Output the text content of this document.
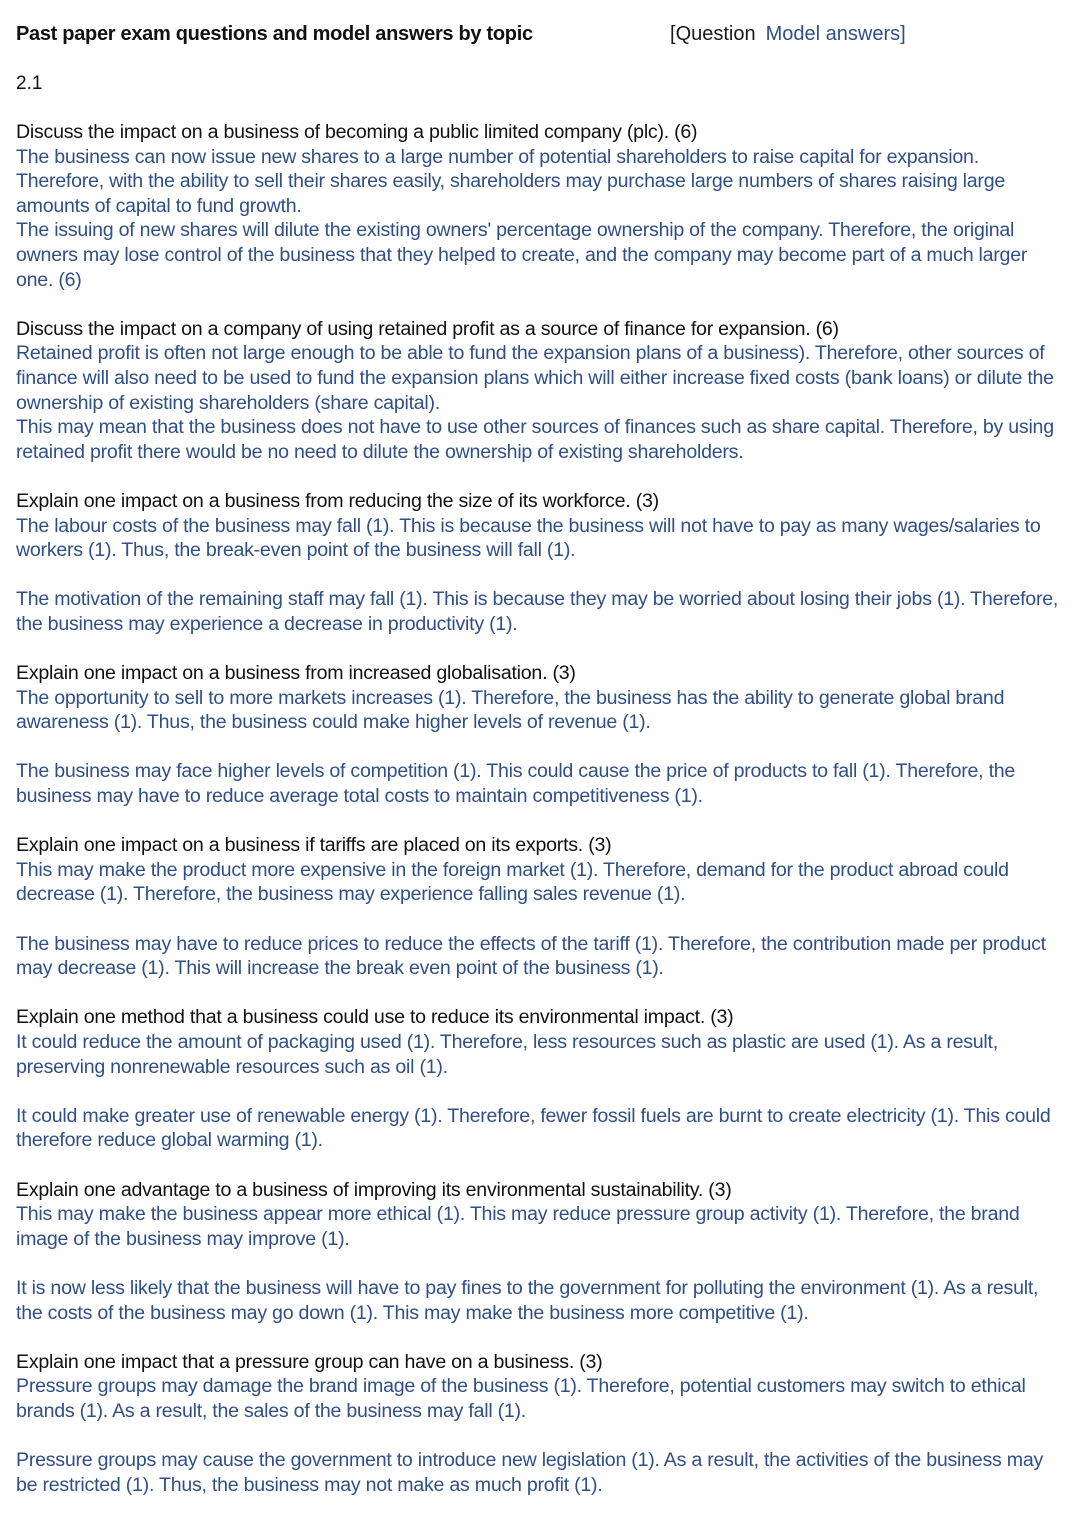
Past paper exam questions and model answers by topic	[Question Model answers]
2.1

Discuss the impact on a business of becoming a public limited company (plc). (6)

The business can now issue new shares to a large number of potential shareholders to raise capital for expansion. Therefore, with the ability to sell their shares easily, shareholders may purchase large numbers of shares raising large amounts of capital to fund growth.

The issuing of new shares will dilute the existing owners' percentage ownership of the company. Therefore, the original owners may lose control of the business that they helped to create, and the company may become part of a much larger one. (6)

Discuss the impact on a company of using retained profit as a source of finance for expansion. (6)

Retained profit is often not large enough to be able to fund the expansion plans of a business). Therefore, other sources of finance will also need to be used to fund the expansion plans which will either increase fixed costs (bank loans) or dilute the ownership of existing shareholders (share capital).

This may mean that the business does not have to use other sources of finances such as share capital. Therefore, by using retained profit there would be no need to dilute the ownership of existing shareholders.

Explain one impact on a business from reducing the size of its workforce. (3)

The labour costs of the business may fall (1). This is because the business will not have to pay as many wages/salaries to workers (1). Thus, the break-even point of the business will fall (1).

The motivation of the remaining staff may fall (1). This is because they may be worried about losing their jobs (1). Therefore, the business may experience a decrease in productivity (1).

Explain one impact on a business from increased globalisation. (3)

The opportunity to sell to more markets increases (1). Therefore, the business has the ability to generate global brand awareness (1). Thus, the business could make higher levels of revenue (1).

The business may face higher levels of competition (1). This could cause the price of products to fall (1). Therefore, the business may have to reduce average total costs to maintain competitiveness (1).

Explain one impact on a business if tariffs are placed on its exports. (3)

This may make the product more expensive in the foreign market (1). Therefore, demand for the product abroad could decrease (1). Therefore, the business may experience falling sales revenue (1).

The business may have to reduce prices to reduce the effects of the tariff (1). Therefore, the contribution made per product may decrease (1). This will increase the break even point of the business (1).

Explain one method that a business could use to reduce its environmental impact. (3)

It could reduce the amount of packaging used (1). Therefore, less resources such as plastic are used (1). As a result, preserving nonrenewable resources such as oil (1).

It could make greater use of renewable energy (1). Therefore, fewer fossil fuels are burnt to create electricity (1). This could therefore reduce global warming (1).

Explain one advantage to a business of improving its environmental sustainability. (3)

This may make the business appear more ethical (1). This may reduce pressure group activity (1). Therefore, the brand image of the business may improve (1).

It is now less likely that the business will have to pay fines to the government for polluting the environment (1). As a result, the costs of the business may go down (1). This may make the business more competitive (1).

Explain one impact that a pressure group can have on a business. (3)

Pressure groups may damage the brand image of the business (1). Therefore, potential customers may switch to ethical brands (1). As a result, the sales of the business may fall (1).

Pressure groups may cause the government to introduce new legislation (1). As a result, the activities of the business may be restricted (1). Thus, the business may not make as much profit (1).
